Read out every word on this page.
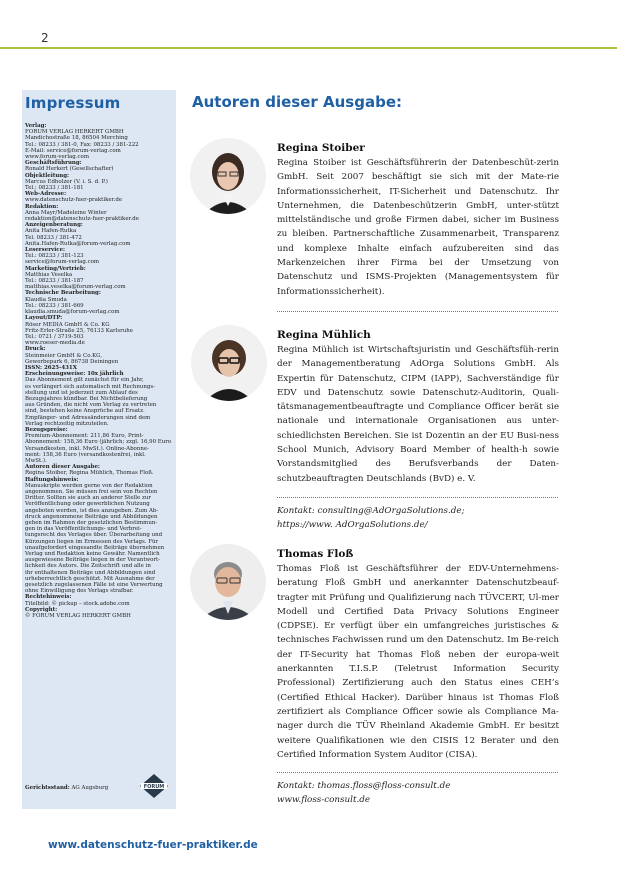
2
Impressum
Verlag:
FORUM VERLAG HERKERT GMBH
Mandichostraße 18, 86504 Merching
Tel.: 08233 / 381-0, Fax: 08233 / 381-222
E-Mail: service@forum-verlag.com
www.forum-verlag.com
Geschäftsführung:
Ronald Herkert (Gesellschafter)
Objektleitung:
Marcus Edholzer (V. i. S. d. P.)
Tel.: 08233 / 381-181
Web-Adresse:
www.datenschutz-fuer-praktiker.de
Redaktion:
Anna Mayr/Madeleine Winter
redaktion@datenschutz-fuer-praktiker.de
Anzeigenberatung:
Anita Hafen-Rutka
Tel. 08233 / 381-472
Anita.Hafen-Rutka@forum-verlag.com
Leserservice:
Tel.: 08233 / 381-123
service@forum-verlag.com
Marketing/Vertrieb:
Matthias Veselka
Tel.: 08233 / 381-187
matthias.veselka@forum-verlag.com
Technische Bearbeitung:
Klaudia Smuda
Tel.: 08233 / 381-669
klaudia.smuda@forum-verlag.com
Layout/DTP:
Röser MEDIA GmbH & Co. KG
Fritz-Erler-Straße 25, 76133 Karlsruhe
Tel.: 0721 / 3719-503
www.roeser-media.de
Druck:
Steinmeier GmbH & Co.KG,
Gewerbepark 6, 86738 Deiningen
ISSN: 2625-431X
Erscheinungsweise: 10x jährlich
Das Abonnement gilt zunächst für ein Jahr,
es verlängert sich automatisch mit Rechnungs-
stellung und ist jederzeit zum Ablauf des
Bezugsjahres kündbar. Bei Nichtbelieferung
aus Gründen, die nicht vom Verlag zu vertreten
sind, bestehen keine Ansprüche auf Ersatz.
Empfänger- und Adressänderungen sind dem
Verlag rechtzeitig mitzuteilen.
Bezugspreise:
Premium-Abonnement: 211,86 Euro, Print-
Abonnement: 158,36 Euro (jährlich; zzgl. 16,90 Euro
Versandkosten, inkl. MwSt.). Online-Abonne-
ment: 158,36 Euro (versandkostenfrei, inkl.
MwSt.).
Autoren dieser Ausgabe:
Regina Stoiber, Regina Mühlich, Thomas Floß.
Haftungshinweis:
Manuskripte werden gerne von der Redaktion
angenommen. Sie müssen frei sein von Rechten
Dritter. Sollten sie auch an anderer Stelle zur
Veröffentlichung oder gewerblichen Nutzung
angeboten werden, ist dies anzugeben. Zum Ab-
druck angenommene Beiträge und Abbildungen
gehen im Rahmen der gesetzlichen Bestimmun-
gen in das Veröffentlichungs- und Verbrei-
tungsrecht des Verlages über. Überarbeitung und
Kürzungen liegen im Ermessen des Verlags. Für
unaufgefordert eingesandte Beiträge übernehmen
Verlag und Redaktion keine Gewähr. Namentlich
ausgewiesene Beiträge liegen in der Verantwort-
lichkeit des Autors. Die Zeitschrift und alle in
ihr enthaltenen Beiträge und Abbildungen sind
urheberrechtlich geschützt. Mit Ausnahme der
gesetzlich zugelassenen Fälle ist eine Verwertung
ohne Einwilligung des Verlags strafbar.
Rechtehinweis:
Titelbild: © pickup – stock.adobe.com
Copyright:
© FORUM VERLAG HERKERT GMBH
Gerichtsstand: AG Augsburg	FORUM
Autoren dieser Ausgabe:

Regina Stoiber

Regina Stoiber ist Geschäftsführerin der Datenbeschüt-zerin GmbH. Seit 2007 beschäftigt sie sich mit der Mate-rie Informationssicherheit, IT-Sicherheit und Datenschutz. Ihr Unternehmen, die Datenbeschützerin GmbH, unter-stützt mittelständische und große Firmen dabei, sicher im Business zu bleiben. Partnerschaftliche Zusammenarbeit, Transparenz und komplexe Inhalte einfach aufzubereiten sind das Markenzeichen ihrer Firma bei der Umsetzung von Datenschutz und ISMS-Projekten (Managementsystem für Informationssicherheit).

Regina Mühlich

Regina Mühlich ist Wirtschaftsjuristin und Geschäftsfüh-rerin der Managementberatung AdOrga Solutions GmbH. Als Expertin für Datenschutz, CIPM (IAPP), Sachverständige für EDV und Datenschutz sowie Datenschutz-Auditorin, Quali-tätsmanagementbeauftragte und Compliance Officer berät sie nationale und internationale Organisationen aus unter-schiedlichsten Bereichen. Sie ist Dozentin an der EU Busi-ness School Munich, Advisory Board Member of health-h sowie Vorstandsmitglied des Berufsverbands der Daten-schutzbeauftragten Deutschlands (BvD) e. V.

Kontakt: consulting@AdOrgaSolutions.de;
https://www. AdOrgaSolutions.de/

Thomas Floß

Thomas Floß ist Geschäftsführer der EDV-Unternehmens-beratung Floß GmbH und anerkannter Datenschutzbeauf-tragter mit Prüfung und Qualifizierung nach TÜVCERT, Ul-mer Modell und Certified Data Privacy Solutions Engineer (CDPSE). Er verfügt über ein umfangreiches juristisches & technisches Fachwissen rund um den Datenschutz. Im Be-reich der IT-Security hat Thomas Floß neben der europa-weit anerkannten T.I.S.P. (Teletrust Information Security Professional) Zertifizierung auch den Status eines CEH’s (Certified Ethical Hacker). Darüber hinaus ist Thomas Floß zertifiziert als Compliance Officer sowie als Compliance Ma-nager durch die TÜV Rheinland Akademie GmbH. Er besitzt weitere Qualifikationen wie den CISIS 12 Berater und den Certified Information System Auditor (CISA).

Kontakt: thomas.floss@floss-consult.de
www.floss-consult.de
www.datenschutz-fuer-praktiker.de
